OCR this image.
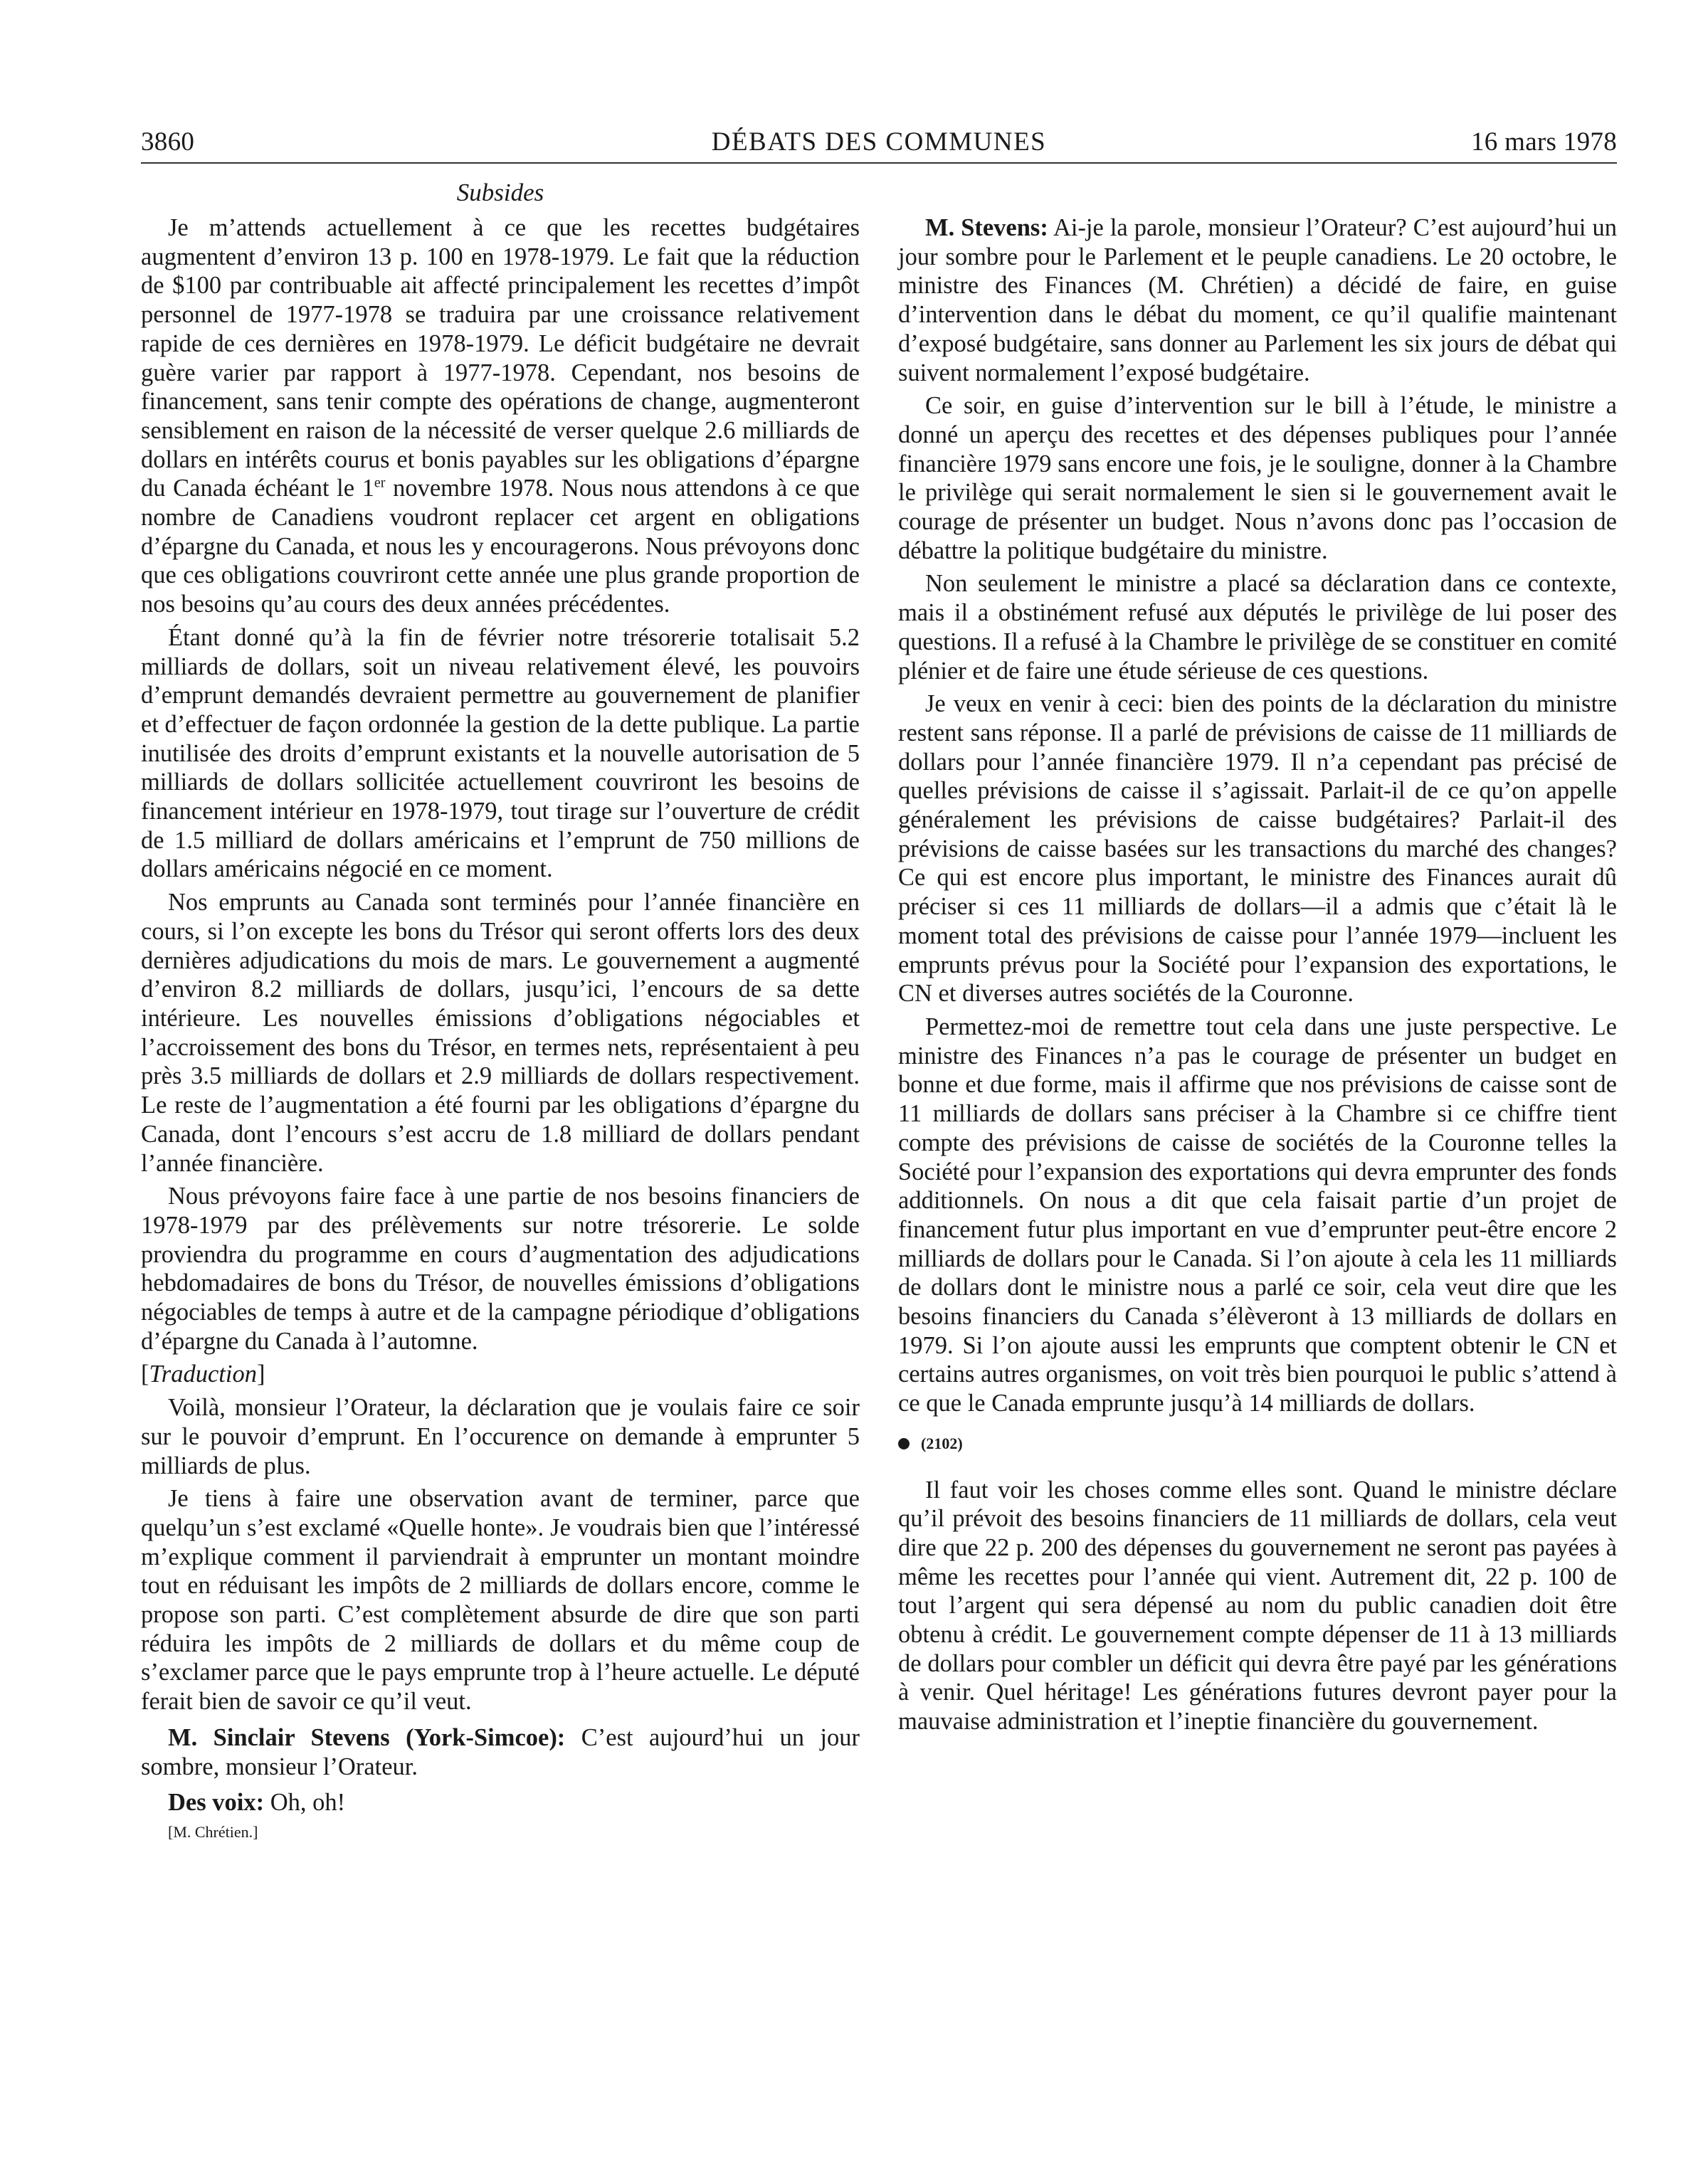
3860	DÉBATS DES COMMUNES	16 mars 1978
Subsides

Je m’attends actuellement à ce que les recettes budgétaires augmentent d’environ 13 p. 100 en 1978-1979. Le fait que la réduction de $100 par contribuable ait affecté principalement les recettes d’impôt personnel de 1977-1978 se traduira par une croissance relativement rapide de ces dernières en 1978-1979. Le déficit budgétaire ne devrait guère varier par rapport à 1977-1978. Cependant, nos besoins de financement, sans tenir compte des opérations de change, augmenteront sensiblement en raison de la nécessité de verser quelque 2.6 milliards de dollars en intérêts courus et bonis payables sur les obligations d’épargne du Canada échéant le 1er novembre 1978. Nous nous attendons à ce que nombre de Canadiens voudront replacer cet argent en obligations d’épargne du Canada, et nous les y encouragerons. Nous prévoyons donc que ces obligations couvriront cette année une plus grande proportion de nos besoins qu’au cours des deux années précédentes.

Étant donné qu’à la fin de février notre trésorerie totalisait 5.2 milliards de dollars, soit un niveau relativement élevé, les pouvoirs d’emprunt demandés devraient permettre au gouvernement de planifier et d’effectuer de façon ordonnée la gestion de la dette publique. La partie inutilisée des droits d’emprunt existants et la nouvelle autorisation de 5 milliards de dollars sollicitée actuellement couvriront les besoins de financement intérieur en 1978-1979, tout tirage sur l’ouverture de crédit de 1.5 milliard de dollars américains et l’emprunt de 750 millions de dollars américains négocié en ce moment.

Nos emprunts au Canada sont terminés pour l’année financière en cours, si l’on excepte les bons du Trésor qui seront offerts lors des deux dernières adjudications du mois de mars. Le gouvernement a augmenté d’environ 8.2 milliards de dollars, jusqu’ici, l’encours de sa dette intérieure. Les nouvelles émissions d’obligations négociables et l’accroissement des bons du Trésor, en termes nets, représentaient à peu près 3.5 milliards de dollars et 2.9 milliards de dollars respectivement. Le reste de l’augmentation a été fourni par les obligations d’épargne du Canada, dont l’encours s’est accru de 1.8 milliard de dollars pendant l’année financière.

Nous prévoyons faire face à une partie de nos besoins financiers de 1978-1979 par des prélèvements sur notre trésorerie. Le solde proviendra du programme en cours d’augmentation des adjudications hebdomadaires de bons du Trésor, de nouvelles émissions d’obligations négociables de temps à autre et de la campagne périodique d’obligations d’épargne du Canada à l’automne.

[Traduction]

Voilà, monsieur l’Orateur, la déclaration que je voulais faire ce soir sur le pouvoir d’emprunt. En l’occurence on demande à emprunter 5 milliards de plus.

Je tiens à faire une observation avant de terminer, parce que quelqu’un s’est exclamé «Quelle honte». Je voudrais bien que l’intéressé m’explique comment il parviendrait à emprunter un montant moindre tout en réduisant les impôts de 2 milliards de dollars encore, comme le propose son parti. C’est complètement absurde de dire que son parti réduira les impôts de 2 milliards de dollars et du même coup de s’exclamer parce que le pays emprunte trop à l’heure actuelle. Le député ferait bien de savoir ce qu’il veut.

M. Sinclair Stevens (York-Simcoe): C’est aujourd’hui un jour sombre, monsieur l’Orateur.

Des voix: Oh, oh!

[M. Chrétien.]

M. Stevens: Ai-je la parole, monsieur l’Orateur? C’est aujourd’hui un jour sombre pour le Parlement et le peuple canadiens. Le 20 octobre, le ministre des Finances (M. Chrétien) a décidé de faire, en guise d’intervention dans le débat du moment, ce qu’il qualifie maintenant d’exposé budgétaire, sans donner au Parlement les six jours de débat qui suivent normalement l’exposé budgétaire.

Ce soir, en guise d’intervention sur le bill à l’étude, le ministre a donné un aperçu des recettes et des dépenses publiques pour l’année financière 1979 sans encore une fois, je le souligne, donner à la Chambre le privilège qui serait normalement le sien si le gouvernement avait le courage de présenter un budget. Nous n’avons donc pas l’occasion de débattre la politique budgétaire du ministre.

Non seulement le ministre a placé sa déclaration dans ce contexte, mais il a obstinément refusé aux députés le privilège de lui poser des questions. Il a refusé à la Chambre le privilège de se constituer en comité plénier et de faire une étude sérieuse de ces questions.

Je veux en venir à ceci: bien des points de la déclaration du ministre restent sans réponse. Il a parlé de prévisions de caisse de 11 milliards de dollars pour l’année financière 1979. Il n’a cependant pas précisé de quelles prévisions de caisse il s’agissait. Parlait-il de ce qu’on appelle généralement les prévisions de caisse budgétaires? Parlait-il des prévisions de caisse basées sur les transactions du marché des changes? Ce qui est encore plus important, le ministre des Finances aurait dû préciser si ces 11 milliards de dollars—il a admis que c’était là le moment total des prévisions de caisse pour l’année 1979—incluent les emprunts prévus pour la Société pour l’expansion des exportations, le CN et diverses autres sociétés de la Couronne.

Permettez-moi de remettre tout cela dans une juste perspective. Le ministre des Finances n’a pas le courage de présenter un budget en bonne et due forme, mais il affirme que nos prévisions de caisse sont de 11 milliards de dollars sans préciser à la Chambre si ce chiffre tient compte des prévisions de caisse de sociétés de la Couronne telles la Société pour l’expansion des exportations qui devra emprunter des fonds additionnels. On nous a dit que cela faisait partie d’un projet de financement futur plus important en vue d’emprunter peut-être encore 2 milliards de dollars pour le Canada. Si l’on ajoute à cela les 11 milliards de dollars dont le ministre nous a parlé ce soir, cela veut dire que les besoins financiers du Canada s’élèveront à 13 milliards de dollars en 1979. Si l’on ajoute aussi les emprunts que comptent obtenir le CN et certains autres organismes, on voit très bien pourquoi le public s’attend à ce que le Canada emprunte jusqu’à 14 milliards de dollars.

(2102)

Il faut voir les choses comme elles sont. Quand le ministre déclare qu’il prévoit des besoins financiers de 11 milliards de dollars, cela veut dire que 22 p. 200 des dépenses du gouvernement ne seront pas payées à même les recettes pour l’année qui vient. Autrement dit, 22 p. 100 de tout l’argent qui sera dépensé au nom du public canadien doit être obtenu à crédit. Le gouvernement compte dépenser de 11 à 13 milliards de dollars pour combler un déficit qui devra être payé par les générations à venir. Quel héritage! Les générations futures devront payer pour la mauvaise administration et l’ineptie financière du gouvernement.
